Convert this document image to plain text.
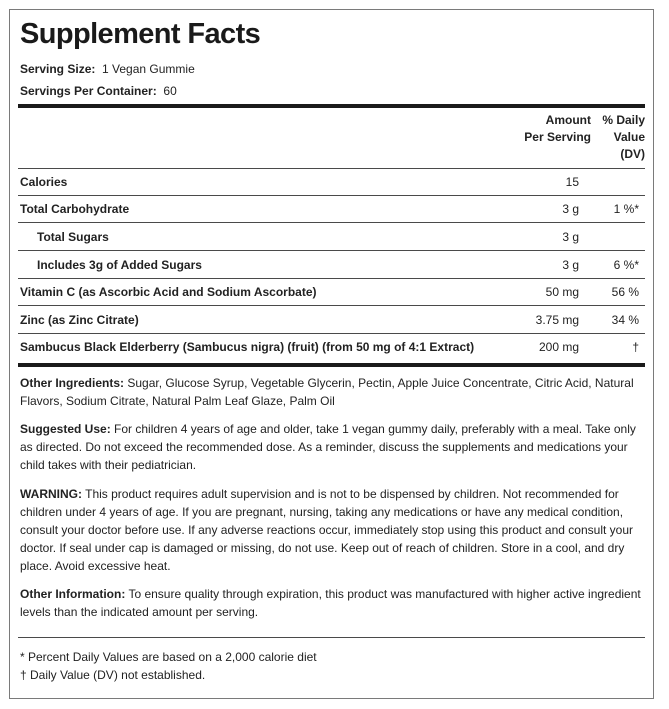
Supplement Facts
Serving Size: 1 Vegan Gummie
Servings Per Container: 60
Amount
Per Serving
% Daily
Value
(DV)
Calories	15
Total Carbohydrate	3 g	1 %*
Total Sugars	3 g
Includes 3g of Added Sugars	3 g	6 %*
Vitamin C (as Ascorbic Acid and Sodium Ascorbate)	50 mg	56 %
Zinc (as Zinc Citrate)	3.75 mg	34 %
Sambucus Black Elderberry (Sambucus nigra) (fruit) (from 50 mg of 4:1 Extract)	200 mg	†
Other Ingredients: Sugar, Glucose Syrup, Vegetable Glycerin, Pectin, Apple Juice Concentrate, Citric Acid, Natural Flavors, Sodium Citrate, Natural Palm Leaf Glaze, Palm Oil
Suggested Use: For children 4 years of age and older, take 1 vegan gummy daily, preferably with a meal. Take only as directed. Do not exceed the recommended dose. As a reminder, discuss the supplements and medications your child takes with their pediatrician.
WARNING: This product requires adult supervision and is not to be dispensed by children. Not recommended for children under 4 years of age. If you are pregnant, nursing, taking any medications or have any medical condition, consult your doctor before use. If any adverse reactions occur, immediately stop using this product and consult your doctor. If seal under cap is damaged or missing, do not use. Keep out of reach of children. Store in a cool, and dry place. Avoid excessive heat.
Other Information: To ensure quality through expiration, this product was manufactured with higher active ingredient levels than the indicated amount per serving.
* Percent Daily Values are based on a 2,000 calorie diet
† Daily Value (DV) not established.
